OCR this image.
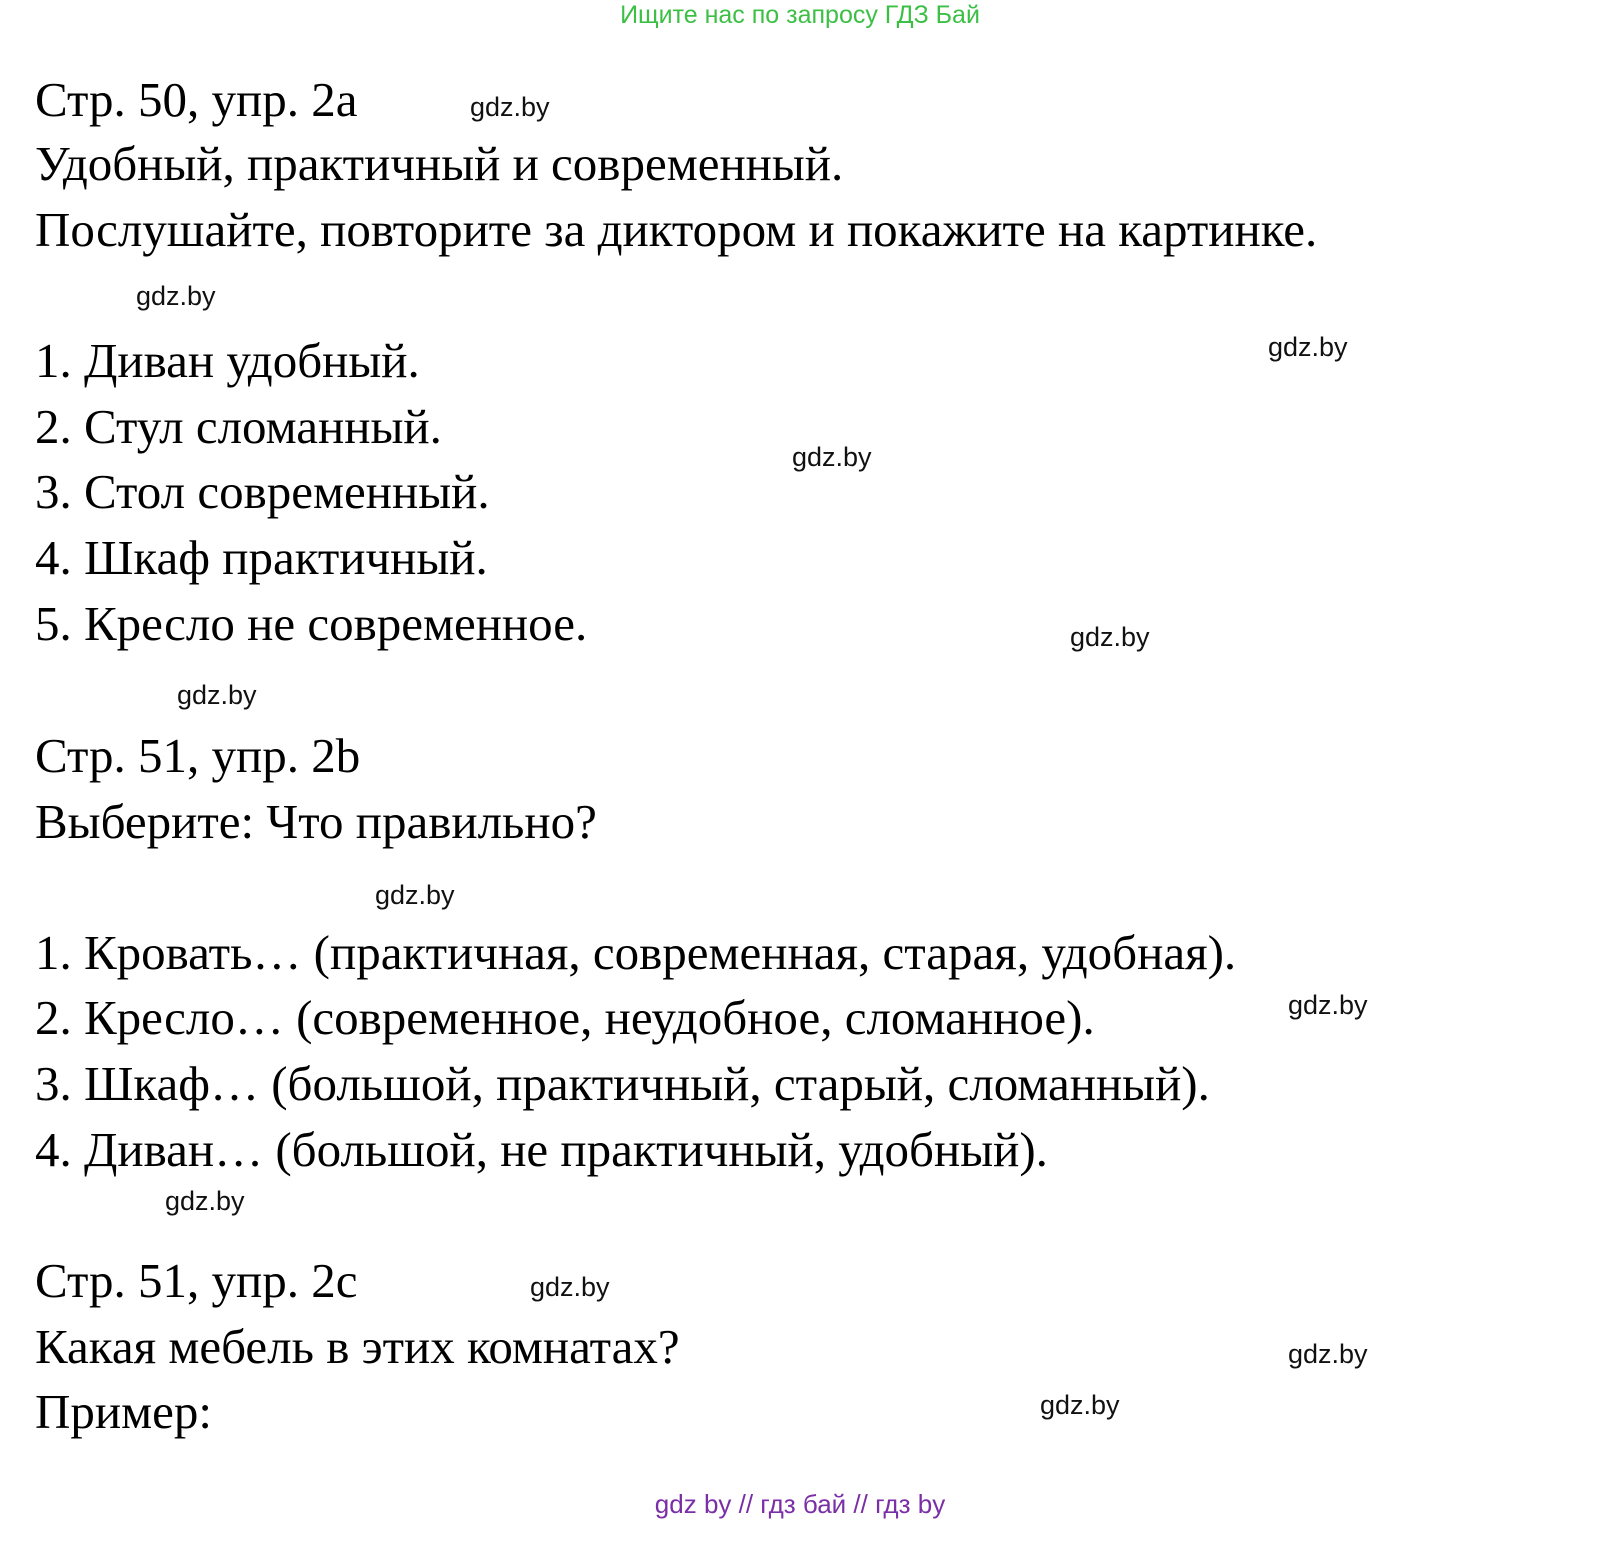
Ищите нас по запросу ГДЗ Бай
Стр. 50, упр. 2а
Удобный, практичный и современный.
Послушайте, повторите за диктором и покажите на картинке.
1. Диван удобный.
2. Стул сломанный.
3. Стол современный.
4. Шкаф практичный.
5. Кресло не современное.
Стр. 51, упр. 2b
Выберите: Что правильно?
1. Кровать… (практичная, современная, старая, удобная).
2. Кресло… (современное, неудобное, сломанное).
3. Шкаф… (большой, практичный, старый, сломанный).
4. Диван… (большой, не практичный, удобный).
Стр. 51, упр. 2с
Какая мебель в этих комнатах?
Пример:
gdz.by
gdz.by
gdz.by
gdz.by
gdz.by
gdz.by
gdz.by
gdz.by
gdz.by
gdz.by
gdz.by
gdz.by
gdz by // гдз бай // гдз by
